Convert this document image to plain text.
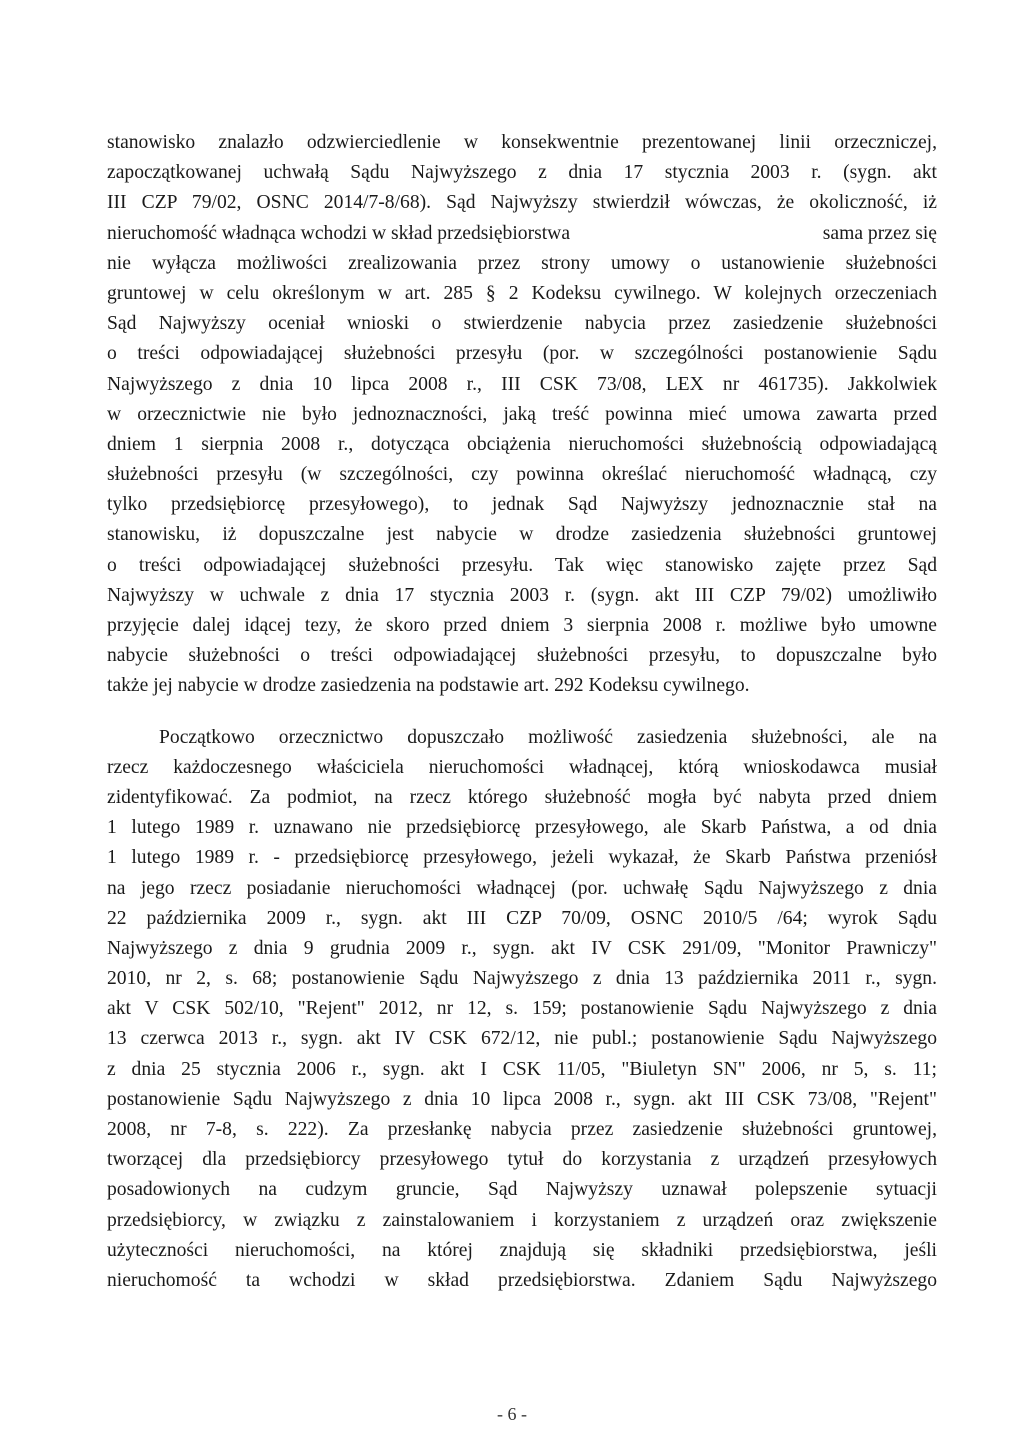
stanowisko znalazło odzwierciedlenie w konsekwentnie prezentowanej linii orzeczniczej,
zapoczątkowanej uchwałą Sądu Najwyższego z dnia 17 stycznia 2003 r. (sygn. akt
III CZP 79/02, OSNC 2014/7-8/68). Sąd Najwyższy stwierdził wówczas, że okoliczność, iż
nieruchomość władnąca wchodzi w skład przedsiębiorstwa	sama przez się
nie wyłącza możliwości zrealizowania przez strony umowy o ustanowienie służebności
gruntowej w celu określonym w art. 285 § 2 Kodeksu cywilnego. W kolejnych orzeczeniach
Sąd Najwyższy oceniał wnioski o stwierdzenie nabycia przez zasiedzenie służebności
o treści odpowiadającej służebności przesyłu (por. w szczególności postanowienie Sądu
Najwyższego z dnia 10 lipca 2008 r., III CSK 73/08, LEX nr 461735). Jakkolwiek
w orzecznictwie nie było jednoznaczności, jaką treść powinna mieć umowa zawarta przed
dniem 1 sierpnia 2008 r., dotycząca obciążenia nieruchomości służebnością odpowiadającą
służebności przesyłu (w szczególności, czy powinna określać nieruchomość władnącą, czy
tylko przedsiębiorcę przesyłowego), to jednak Sąd Najwyższy jednoznacznie stał na
stanowisku, iż dopuszczalne jest nabycie w drodze zasiedzenia służebności gruntowej
o treści odpowiadającej służebności przesyłu. Tak więc stanowisko zajęte przez Sąd
Najwyższy w uchwale z dnia 17 stycznia 2003 r. (sygn. akt III CZP 79/02) umożliwiło
przyjęcie dalej idącej tezy, że skoro przed dniem 3 sierpnia 2008 r. możliwe było umowne
nabycie służebności o treści odpowiadającej służebności przesyłu, to dopuszczalne było
także jej nabycie w drodze zasiedzenia na podstawie art. 292 Kodeksu cywilnego.
Początkowo orzecznictwo dopuszczało możliwość zasiedzenia służebności, ale na
rzecz każdoczesnego właściciela nieruchomości władnącej, którą wnioskodawca musiał
zidentyfikować. Za podmiot, na rzecz którego służebność mogła być nabyta przed dniem
1 lutego 1989 r. uznawano nie przedsiębiorcę przesyłowego, ale Skarb Państwa, a od dnia
1 lutego 1989 r. - przedsiębiorcę przesyłowego, jeżeli wykazał, że Skarb Państwa przeniósł
na jego rzecz posiadanie nieruchomości władnącej (por. uchwałę Sądu Najwyższego z dnia
22 października 2009 r., sygn. akt III CZP 70/09, OSNC 2010/5 /64; wyrok Sądu
Najwyższego z dnia 9 grudnia 2009 r., sygn. akt IV CSK 291/09, "Monitor Prawniczy"
2010, nr 2, s. 68; postanowienie Sądu Najwyższego z dnia 13 października 2011 r., sygn.
akt V CSK 502/10, "Rejent" 2012, nr 12, s. 159; postanowienie Sądu Najwyższego z dnia
13 czerwca 2013 r., sygn. akt IV CSK 672/12, nie publ.; postanowienie Sądu Najwyższego
z dnia 25 stycznia 2006 r., sygn. akt I CSK 11/05, "Biuletyn SN" 2006, nr 5, s. 11;
postanowienie Sądu Najwyższego z dnia 10 lipca 2008 r., sygn. akt III CSK 73/08, "Rejent"
2008, nr 7-8, s. 222). Za przesłankę nabycia przez zasiedzenie służebności gruntowej,
tworzącej dla przedsiębiorcy przesyłowego tytuł do korzystania z urządzeń przesyłowych
posadowionych na cudzym gruncie, Sąd Najwyższy uznawał polepszenie sytuacji
przedsiębiorcy, w związku z zainstalowaniem i korzystaniem z urządzeń oraz zwiększenie
użyteczności nieruchomości, na której znajdują się składniki przedsiębiorstwa, jeśli
nieruchomość ta wchodzi w skład przedsiębiorstwa. Zdaniem Sądu Najwyższego
- 6 -
